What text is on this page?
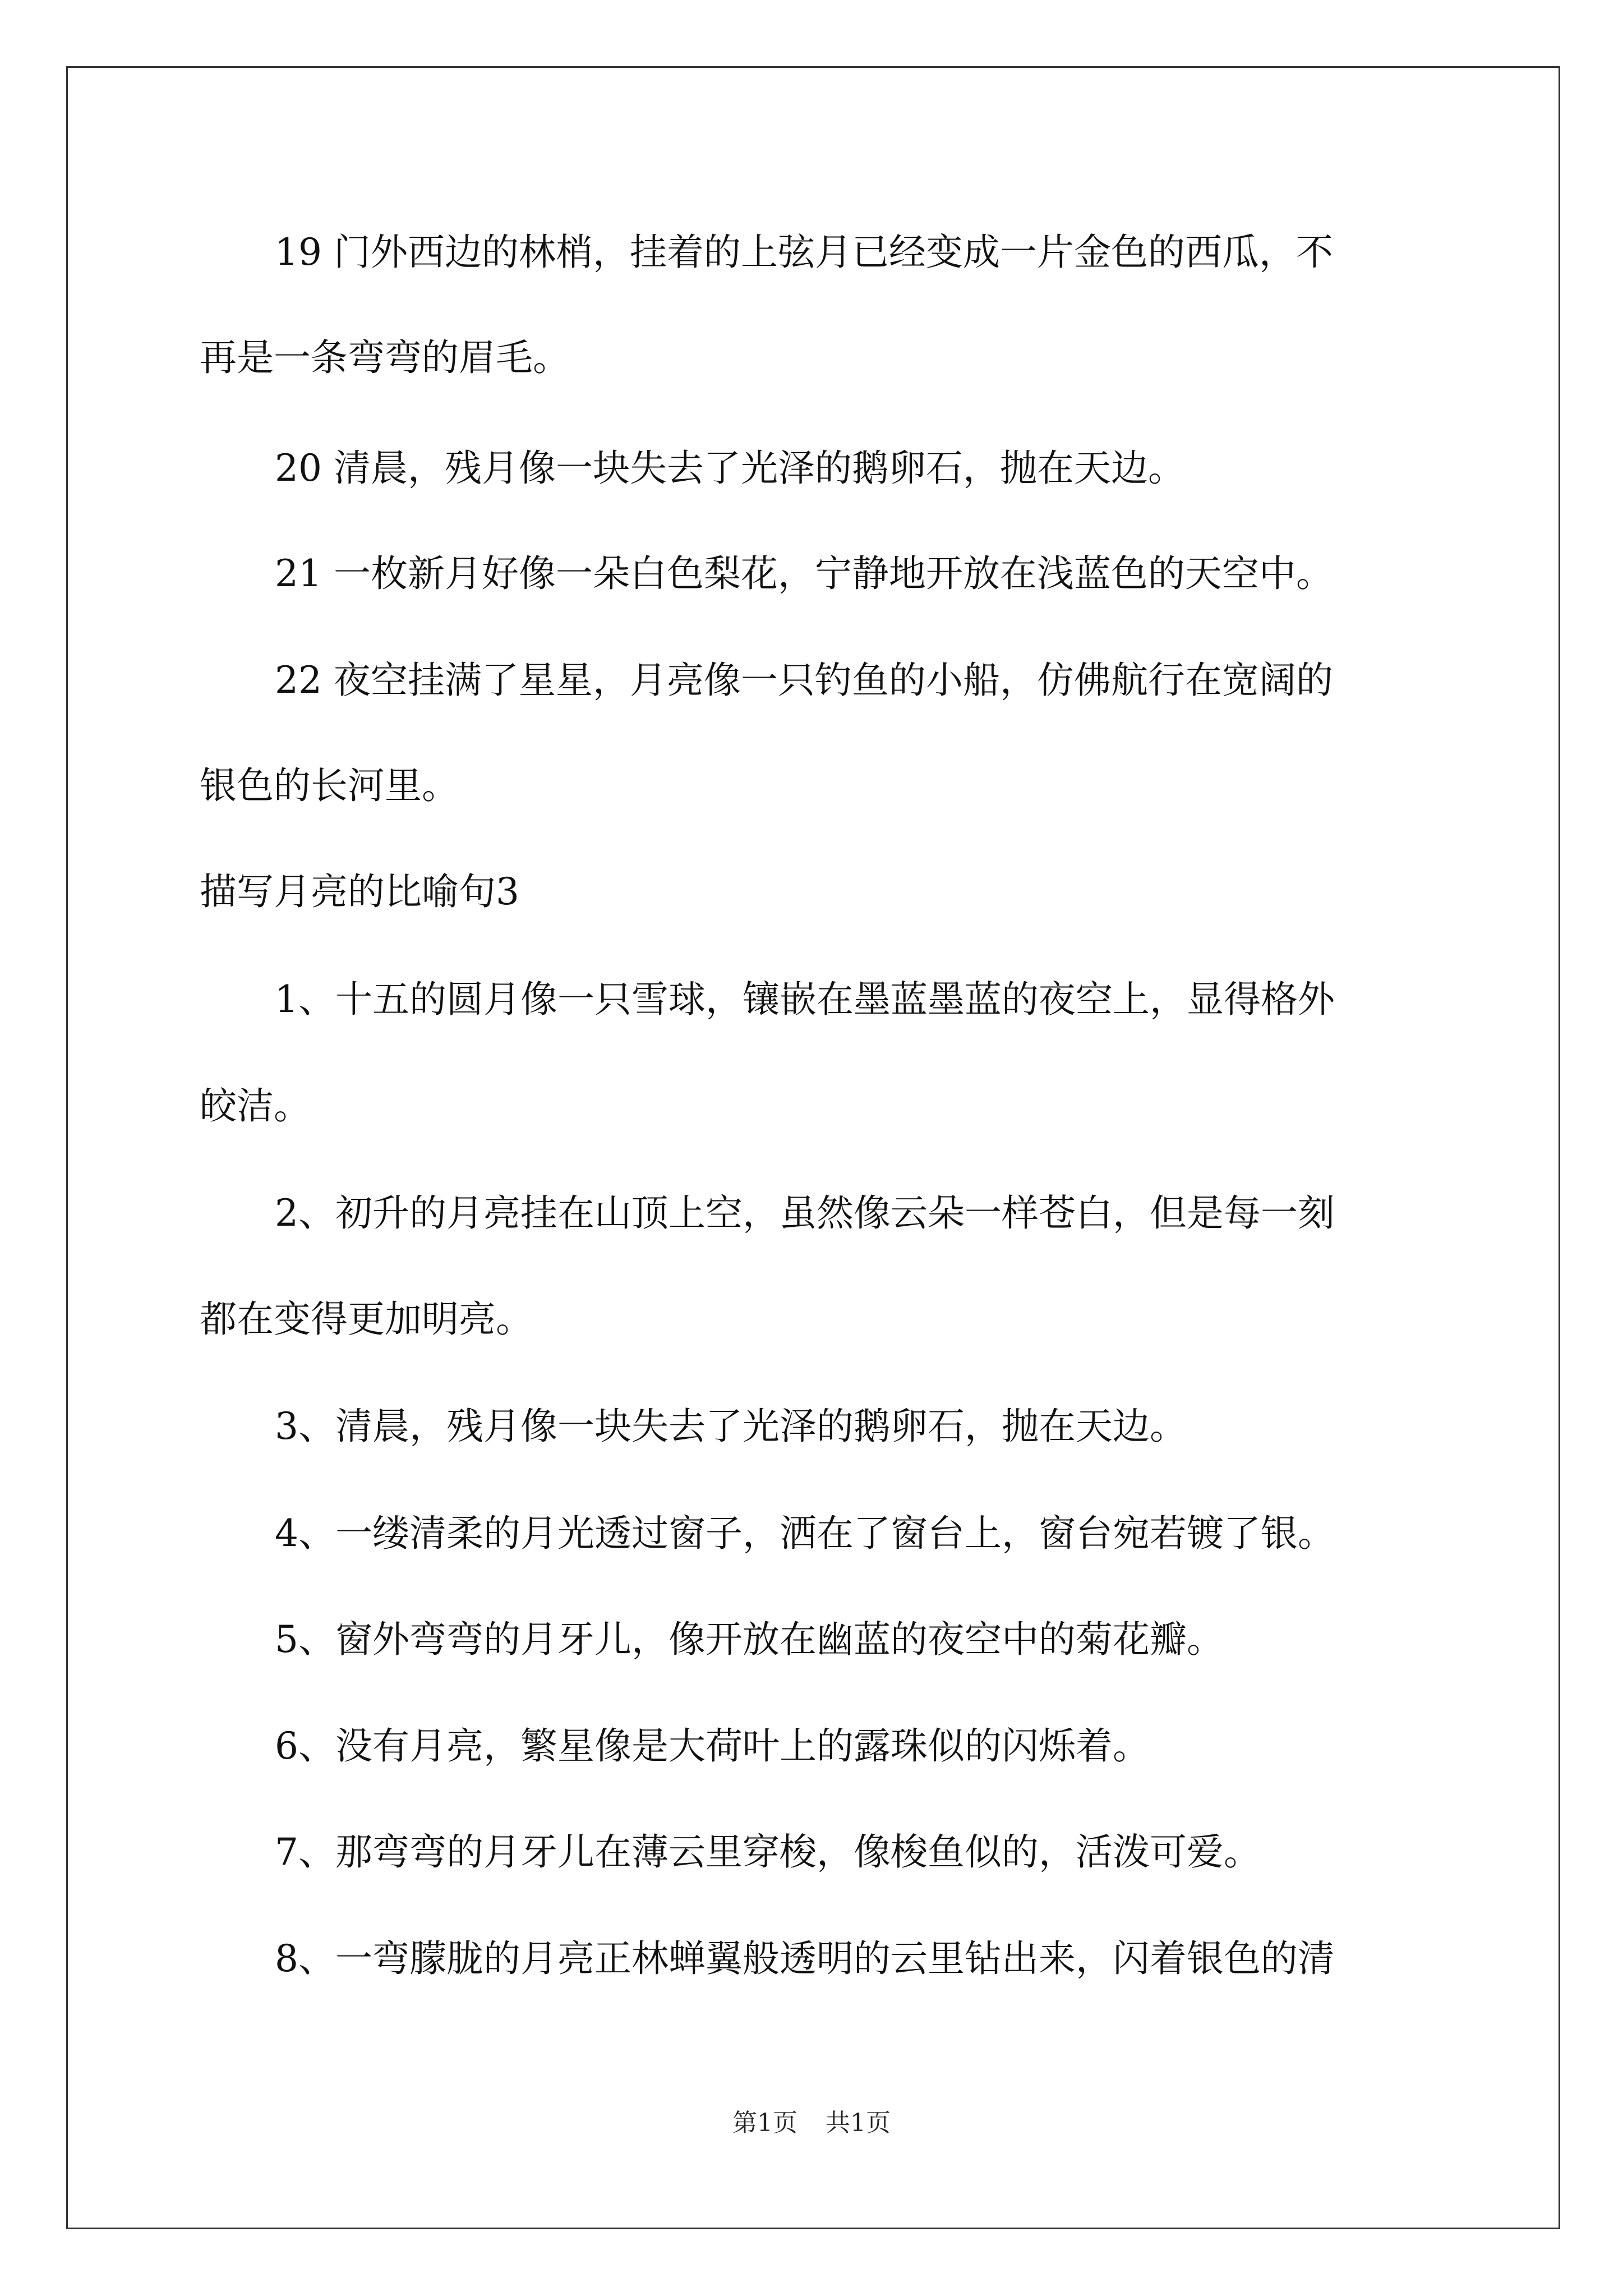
19 门外西边的林梢，挂着的上弦月已经变成一片金色的西瓜，不
再是一条弯弯的眉毛。
20 清晨，残月像一块失去了光泽的鹅卵石，抛在天边。
21 一枚新月好像一朵白色梨花，宁静地开放在浅蓝色的天空中。
22 夜空挂满了星星，月亮像一只钓鱼的小船，仿佛航行在宽阔的
银色的长河里。
描写月亮的比喻句3
1、十五的圆月像一只雪球，镶嵌在墨蓝墨蓝的夜空上，显得格外
皎洁。
2、初升的月亮挂在山顶上空，虽然像云朵一样苍白，但是每一刻
都在变得更加明亮。
3、清晨，残月像一块失去了光泽的鹅卵石，抛在天边。
4、一缕清柔的月光透过窗子，洒在了窗台上，窗台宛若镀了银。
5、窗外弯弯的月牙儿，像开放在幽蓝的夜空中的菊花瓣。
6、没有月亮，繁星像是大荷叶上的露珠似的闪烁着。
7、那弯弯的月牙儿在薄云里穿梭，像梭鱼似的，活泼可爱。
8、一弯朦胧的月亮正林蝉翼般透明的云里钻出来，闪着银色的清
第1页 共1页
